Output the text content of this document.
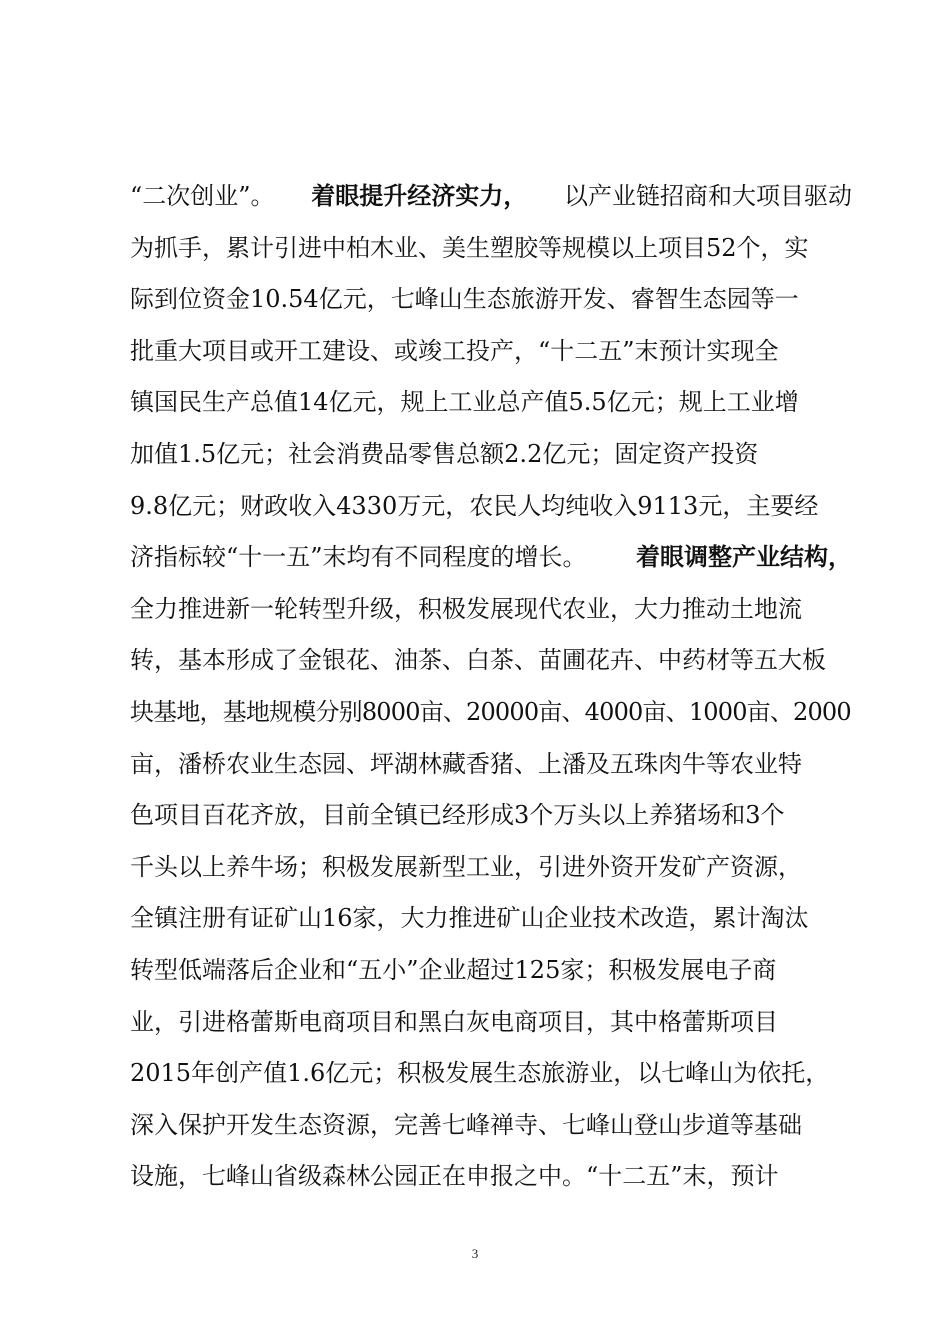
“二次创业”。 着眼提升经济实力， 以产业链招商和大项目驱动
为抓手，累计引进中柏木业、美生塑胶等规模以上项目52个，实
际到位资金10.54亿元，七峰山生态旅游开发、睿智生态园等一
批重大项目或开工建设、或竣工投产，“十二五”末预计实现全
镇国民生产总值14亿元，规上工业总产值5.5亿元；规上工业增
加值1.5亿元；社会消费品零售总额2.2亿元；固定资产投资
9.8亿元；财政收入4330万元，农民人均纯收入9113元，主要经
济指标较“十一五”末均有不同程度的增长。 着眼调整产业结构，
全力推进新一轮转型升级，积极发展现代农业，大力推动土地流
转，基本形成了金银花、油茶、白茶、苗圃花卉、中药材等五大板
块基地，基地规模分别8000亩、20000亩、4000亩、1000亩、2000
亩，潘桥农业生态园、坪湖林藏香猪、上潘及五珠肉牛等农业特
色项目百花齐放，目前全镇已经形成3个万头以上养猪场和3个
千头以上养牛场；积极发展新型工业，引进外资开发矿产资源，
全镇注册有证矿山16家，大力推进矿山企业技术改造，累计淘汰
转型低端落后企业和“五小”企业超过125家；积极发展电子商
业，引进格蕾斯电商项目和黑白灰电商项目，其中格蕾斯项目
2015年创产值1.6亿元；积极发展生态旅游业，以七峰山为依托，
深入保护开发生态资源，完善七峰禅寺、七峰山登山步道等基础
设施，七峰山省级森林公园正在申报之中。“十二五”末，预计
3
